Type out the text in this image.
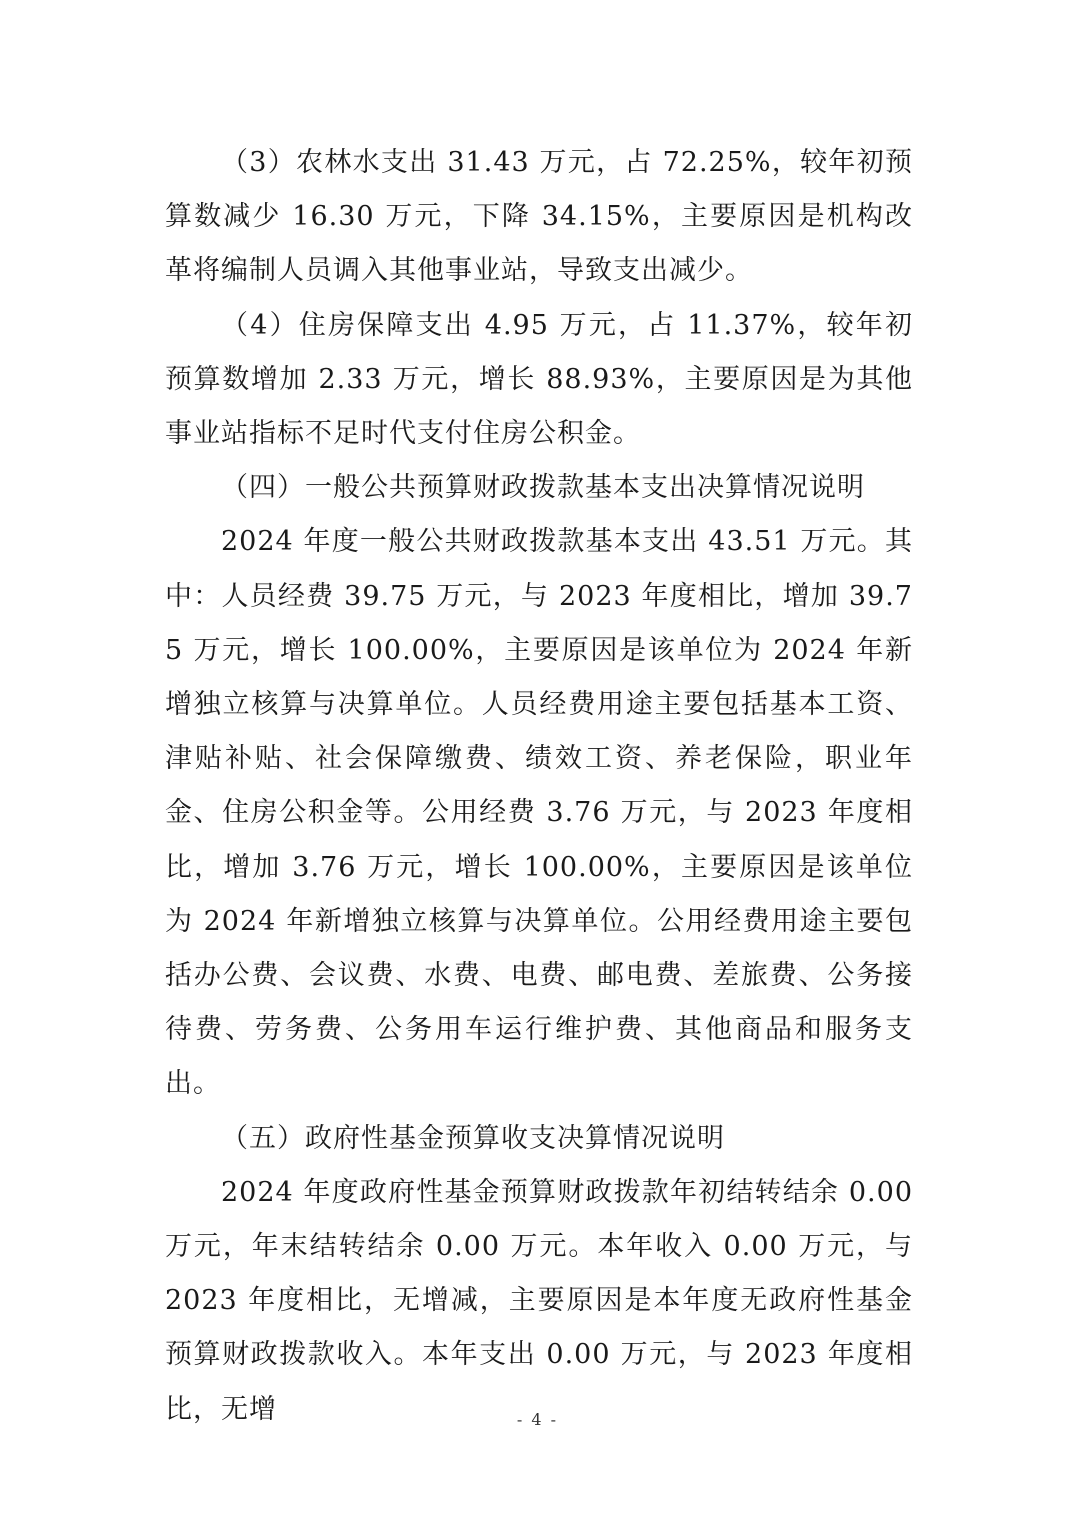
（3）农林水支出 31.43 万元，占 72.25%，较年初预算数减少 16.30 万元，下降 34.15%，主要原因是机构改革将编制人员调入其他事业站，导致支出减少。

（4）住房保障支出 4.95 万元，占 11.37%，较年初预算数增加 2.33 万元，增长 88.93%，主要原因是为其他事业站指标不足时代支付住房公积金。

（四）一般公共预算财政拨款基本支出决算情况说明

2024 年度一般公共财政拨款基本支出 43.51 万元。其中：人员经费 39.75 万元，与 2023 年度相比，增加 39.75 万元，增长 100.00%，主要原因是该单位为 2024 年新增独立核算与决算单位。人员经费用途主要包括基本工资、津贴补贴、社会保障缴费、绩效工资、养老保险，职业年金、住房公积金等。公用经费 3.76 万元，与 2023 年度相比，增加 3.76 万元，增长 100.00%，主要原因是该单位为 2024 年新增独立核算与决算单位。公用经费用途主要包括办公费、会议费、水费、电费、邮电费、差旅费、公务接待费、劳务费、公务用车运行维护费、其他商品和服务支出。

（五）政府性基金预算收支决算情况说明

2024 年度政府性基金预算财政拨款年初结转结余 0.00 万元，年末结转结余 0.00 万元。本年收入 0.00 万元，与 2023 年度相比，无增减，主要原因是本年度无政府性基金预算财政拨款收入。本年支出 0.00 万元，与 2023 年度相比，无增	- 4 -
